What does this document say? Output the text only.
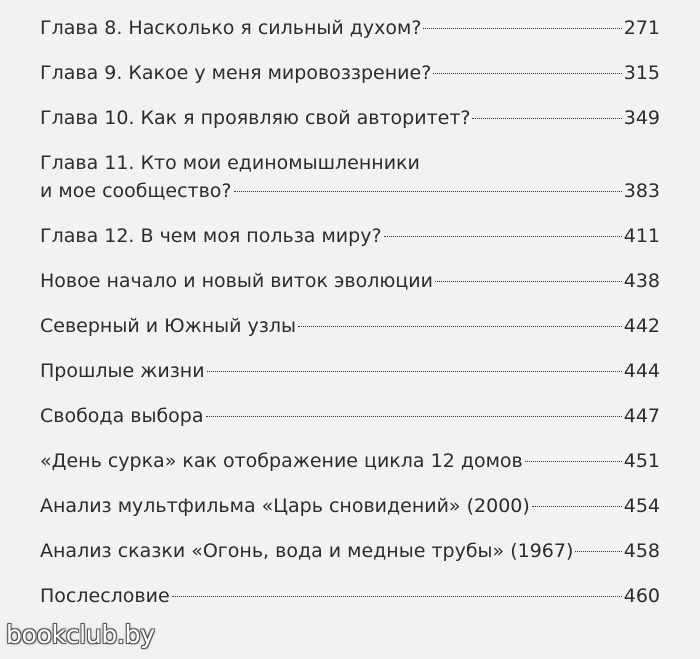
Глава 8. Насколько я сильный духом?	271
Глава 9. Какое у меня мировоззрение?	315
Глава 10. Как я проявляю свой авторитет?	349
Глава 11. Кто мои единомышленники
и мое сообщество?	383
Глава 12. В чем моя польза миру?	411
Новое начало и новый виток эволюции	438
Северный и Южный узлы	442
Прошлые жизни	444
Свобода выбора	447
«День сурка» как отображение цикла 12 домов	451
Анализ мультфильма «Царь сновидений» (2000)	454
Анализ сказки «Огонь, вода и медные трубы» (1967)	458
Послесловие	460
bookclub.by
